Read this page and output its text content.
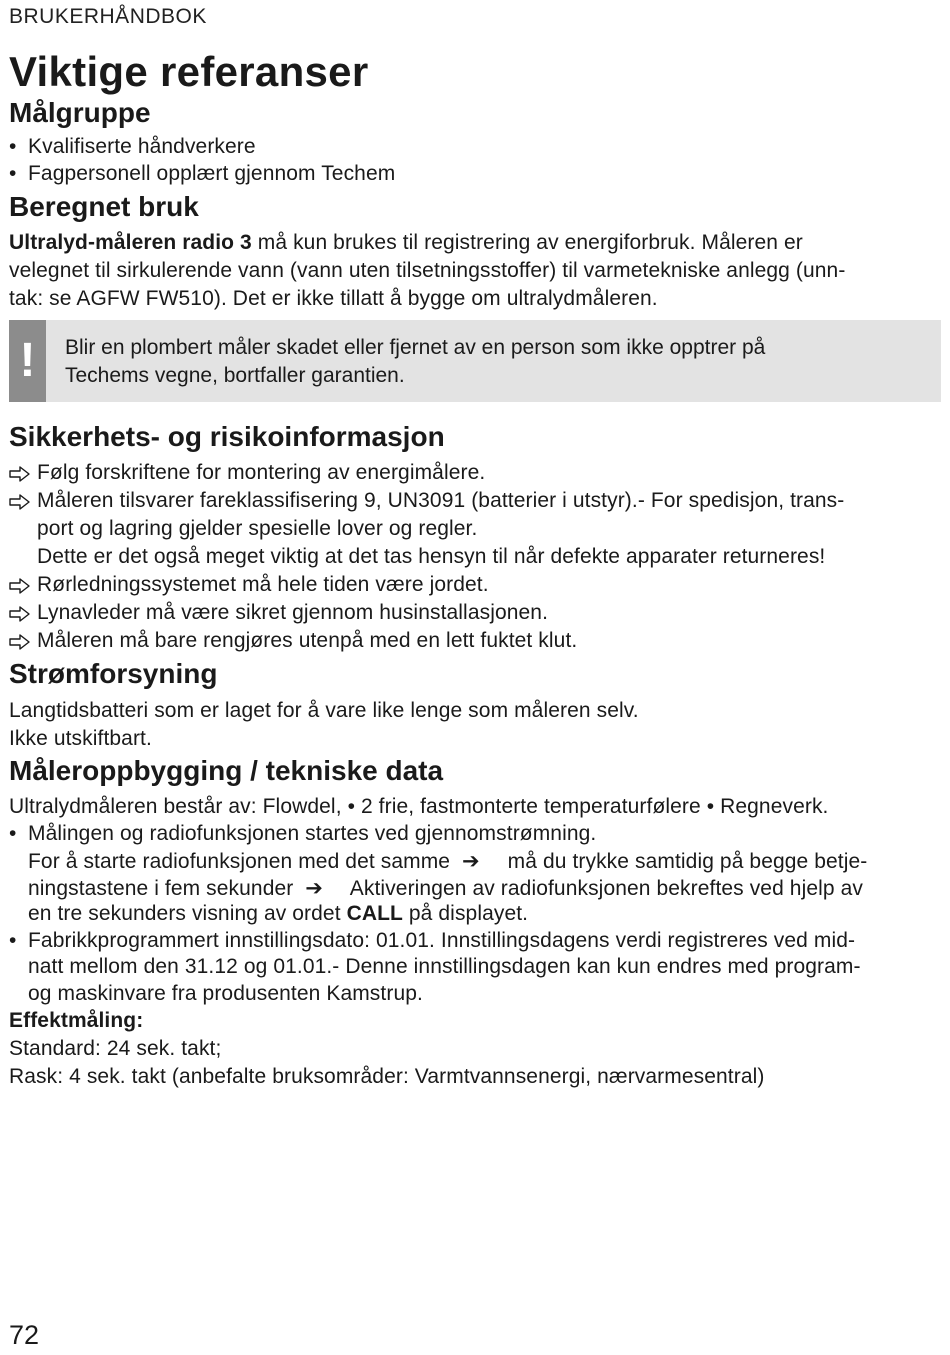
BRUKERHÅNDBOK
Viktige referanser
Målgruppe
• Kvalifiserte håndverkere
• Fagpersonell opplært gjennom Techem
Beregnet bruk
Ultralyd-måleren radio 3 må kun brukes til registrering av energiforbruk. Måleren er
velegnet til sirkulerende vann (vann uten tilsetningsstoffer) til varmetekniske anlegg (unn-
tak: se AGFW FW510). Det er ikke tillatt å bygge om ultralydmåleren.
!	Blir en plombert måler skadet eller fjernet av en person som ikke opptrer på
Techems vegne, bortfaller garantien.
Sikkerhets- og risikoinformasjon
Følg forskriftene for montering av energimålere.
Måleren tilsvarer fareklassifisering 9, UN3091 (batterier i utstyr).- For spedisjon, trans-
port og lagring gjelder spesielle lover og regler.
Dette er det også meget viktig at det tas hensyn til når defekte apparater returneres!
Rørledningssystemet må hele tiden være jordet.
Lynavleder må være sikret gjennom husinstallasjonen.
Måleren må bare rengjøres utenpå med en lett fuktet klut.
Strømforsyning
Langtidsbatteri som er laget for å vare like lenge som måleren selv.
Ikke utskiftbart.
Måleroppbygging / tekniske data
Ultralydmåleren består av: Flowdel, • 2 frie, fastmonterte temperaturfølere • Regneverk.
• Målingen og radiofunksjonen startes ved gjennomstrømning.
For å starte radiofunksjonen med det samme ➔ må du trykke samtidig på begge betje-
ningstastene i fem sekunder ➔ Aktiveringen av radiofunksjonen bekreftes ved hjelp av
en tre sekunders visning av ordet CALL på displayet.
• Fabrikkprogrammert innstillingsdato: 01.01. Innstillingsdagens verdi registreres ved mid-
natt mellom den 31.12 og 01.01.- Denne innstillingsdagen kan kun endres med program-
og maskinvare fra produsenten Kamstrup.
Effektmåling:
Standard: 24 sek. takt;
Rask: 4 sek. takt (anbefalte bruksområder: Varmtvannsenergi, nærvarmesentral)
72
